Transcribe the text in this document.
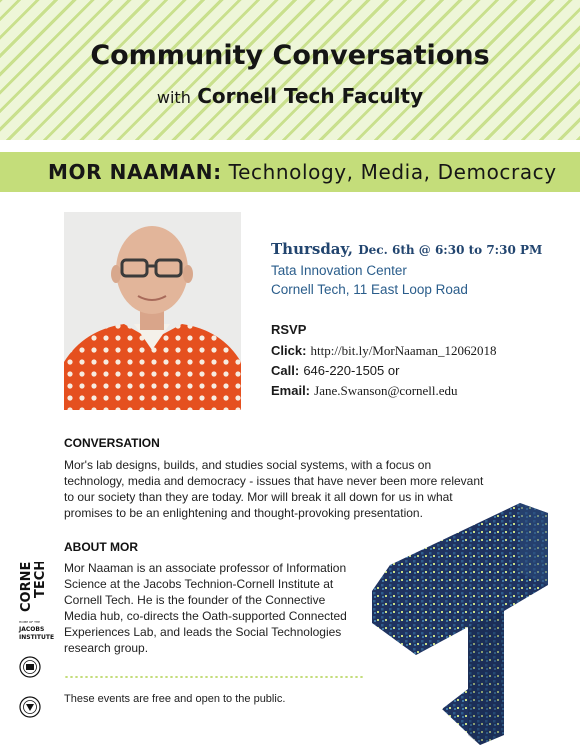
Community Conversations
with Cornell Tech Faculty
MOR NAAMAN: Technology, Media, Democracy
Thursday, Dec. 6th @ 6:30 to 7:30 PM
Tata Innovation Center
Cornell Tech, 11 East Loop Road
RSVP
Click: http://bit.ly/MorNaaman_12062018
Call: 646-220-1505 or
Email: Jane.Swanson@cornell.edu
CONVERSATION
Mor's lab designs, builds, and studies social systems, with a focus on technology, media and democracy - issues that have never been more relevant to our society than they are today. Mor will break it all down for us in what promises to be an enlightening and thought-provoking presentation.
ABOUT MOR
Mor Naaman is an associate professor of Information Science at the Jacobs Technion-Cornell Institute at Cornell Tech. He is the founder of the Connective Media hub, co-directs the Oath-supported Connected Experiences Lab, and leads the Social Technologies research group.
These events are free and open to the public.
CORNELL TECH
HOME OF THE
JACOBS
INSTITUTE
